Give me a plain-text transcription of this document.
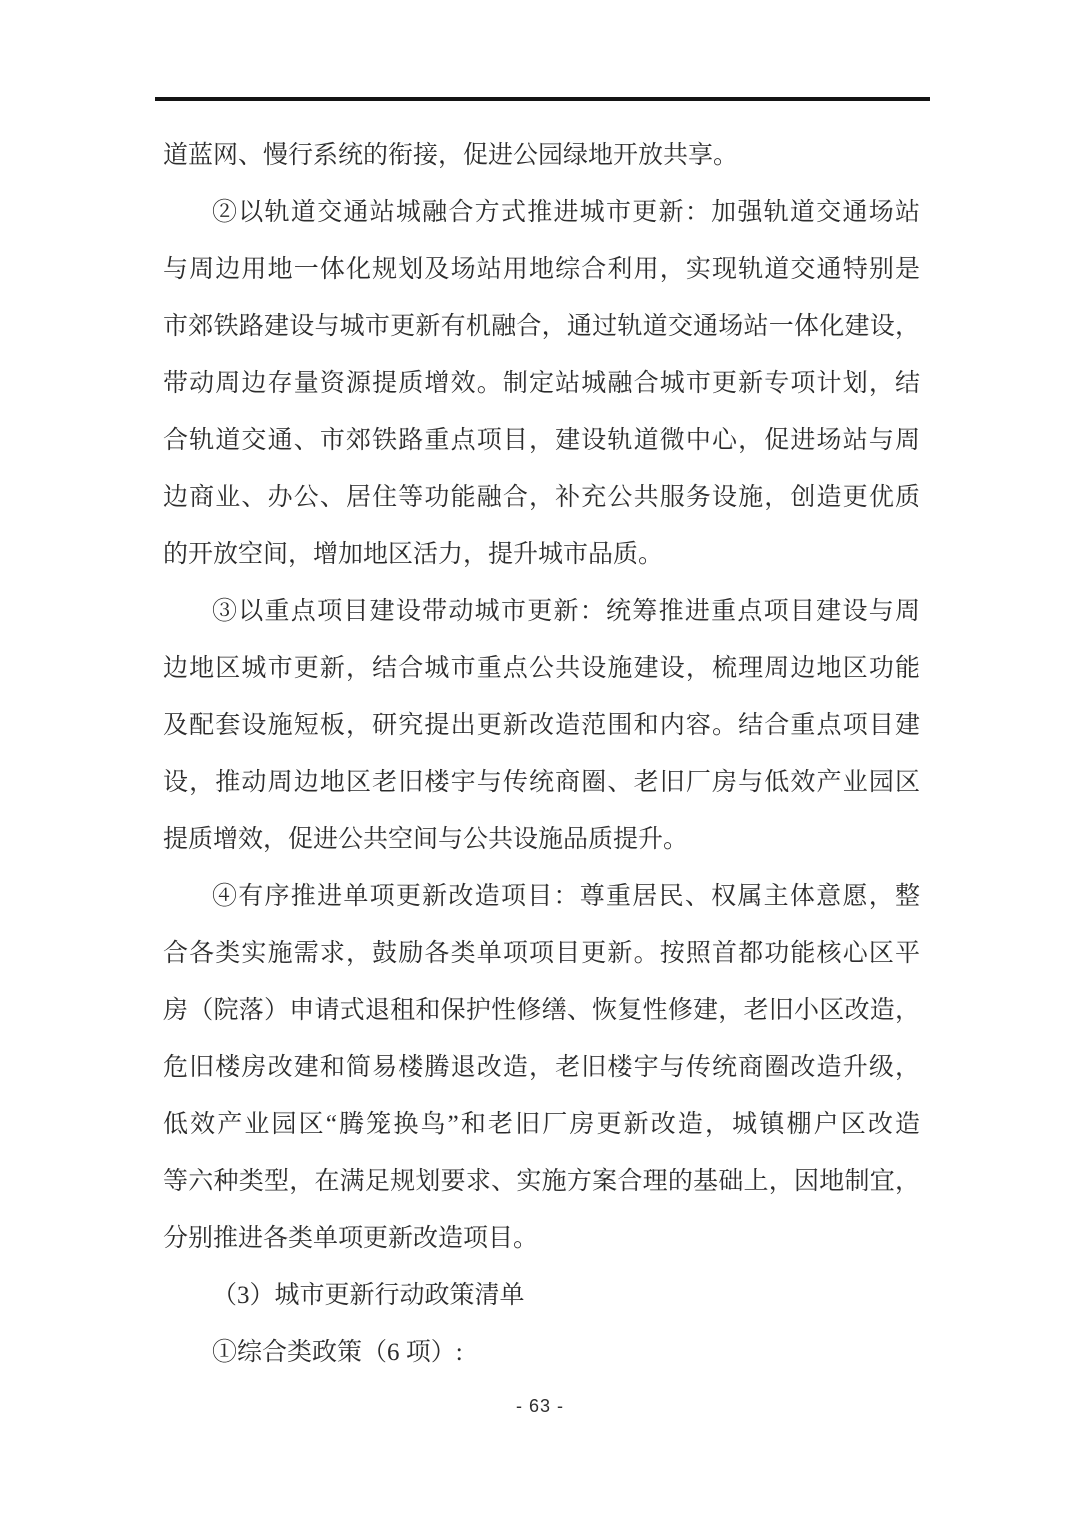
道蓝网、慢行系统的衔接，促进公园绿地开放共享。
②以轨道交通站城融合方式推进城市更新：加强轨道交通场站
与周边用地一体化规划及场站用地综合利用，实现轨道交通特别是
市郊铁路建设与城市更新有机融合，通过轨道交通场站一体化建设，
带动周边存量资源提质增效。制定站城融合城市更新专项计划，结
合轨道交通、市郊铁路重点项目，建设轨道微中心，促进场站与周
边商业、办公、居住等功能融合，补充公共服务设施，创造更优质
的开放空间，增加地区活力，提升城市品质。
③以重点项目建设带动城市更新：统筹推进重点项目建设与周
边地区城市更新，结合城市重点公共设施建设，梳理周边地区功能
及配套设施短板，研究提出更新改造范围和内容。结合重点项目建
设，推动周边地区老旧楼宇与传统商圈、老旧厂房与低效产业园区
提质增效，促进公共空间与公共设施品质提升。
④有序推进单项更新改造项目：尊重居民、权属主体意愿，整
合各类实施需求，鼓励各类单项项目更新。按照首都功能核心区平
房（院落）申请式退租和保护性修缮、恢复性修建，老旧小区改造，
危旧楼房改建和简易楼腾退改造，老旧楼宇与传统商圈改造升级，
低效产业园区“腾笼换鸟”和老旧厂房更新改造，城镇棚户区改造
等六种类型，在满足规划要求、实施方案合理的基础上，因地制宜，
分别推进各类单项更新改造项目。
（3）城市更新行动政策清单
①综合类政策（6 项）:
- 63 -
